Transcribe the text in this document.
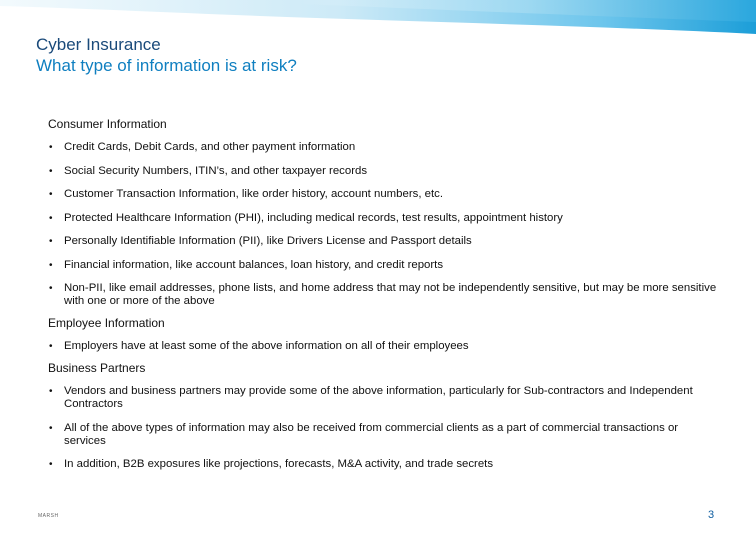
Cyber Insurance
What type of information is at risk?
Consumer Information
• Credit Cards, Debit Cards, and other payment information
• Social Security Numbers, ITIN’s, and other taxpayer records
• Customer Transaction Information, like order history, account numbers, etc.
• Protected Healthcare Information (PHI), including medical records, test results, appointment history
• Personally Identifiable Information (PII), like Drivers License and Passport details
• Financial information, like account balances, loan history, and credit reports
• Non-PII, like email addresses, phone lists, and home address that may not be independently sensitive, but may be more sensitive with one or more of the above
Employee Information
• Employers have at least some of the above information on all of their employees
Business Partners
• Vendors and business partners may provide some of the above information, particularly for Sub-contractors and Independent Contractors
• All of the above types of information may also be received from commercial clients as a part of commercial transactions or services
• In addition, B2B exposures like projections, forecasts, M&A activity, and trade secrets
MARSH	3
